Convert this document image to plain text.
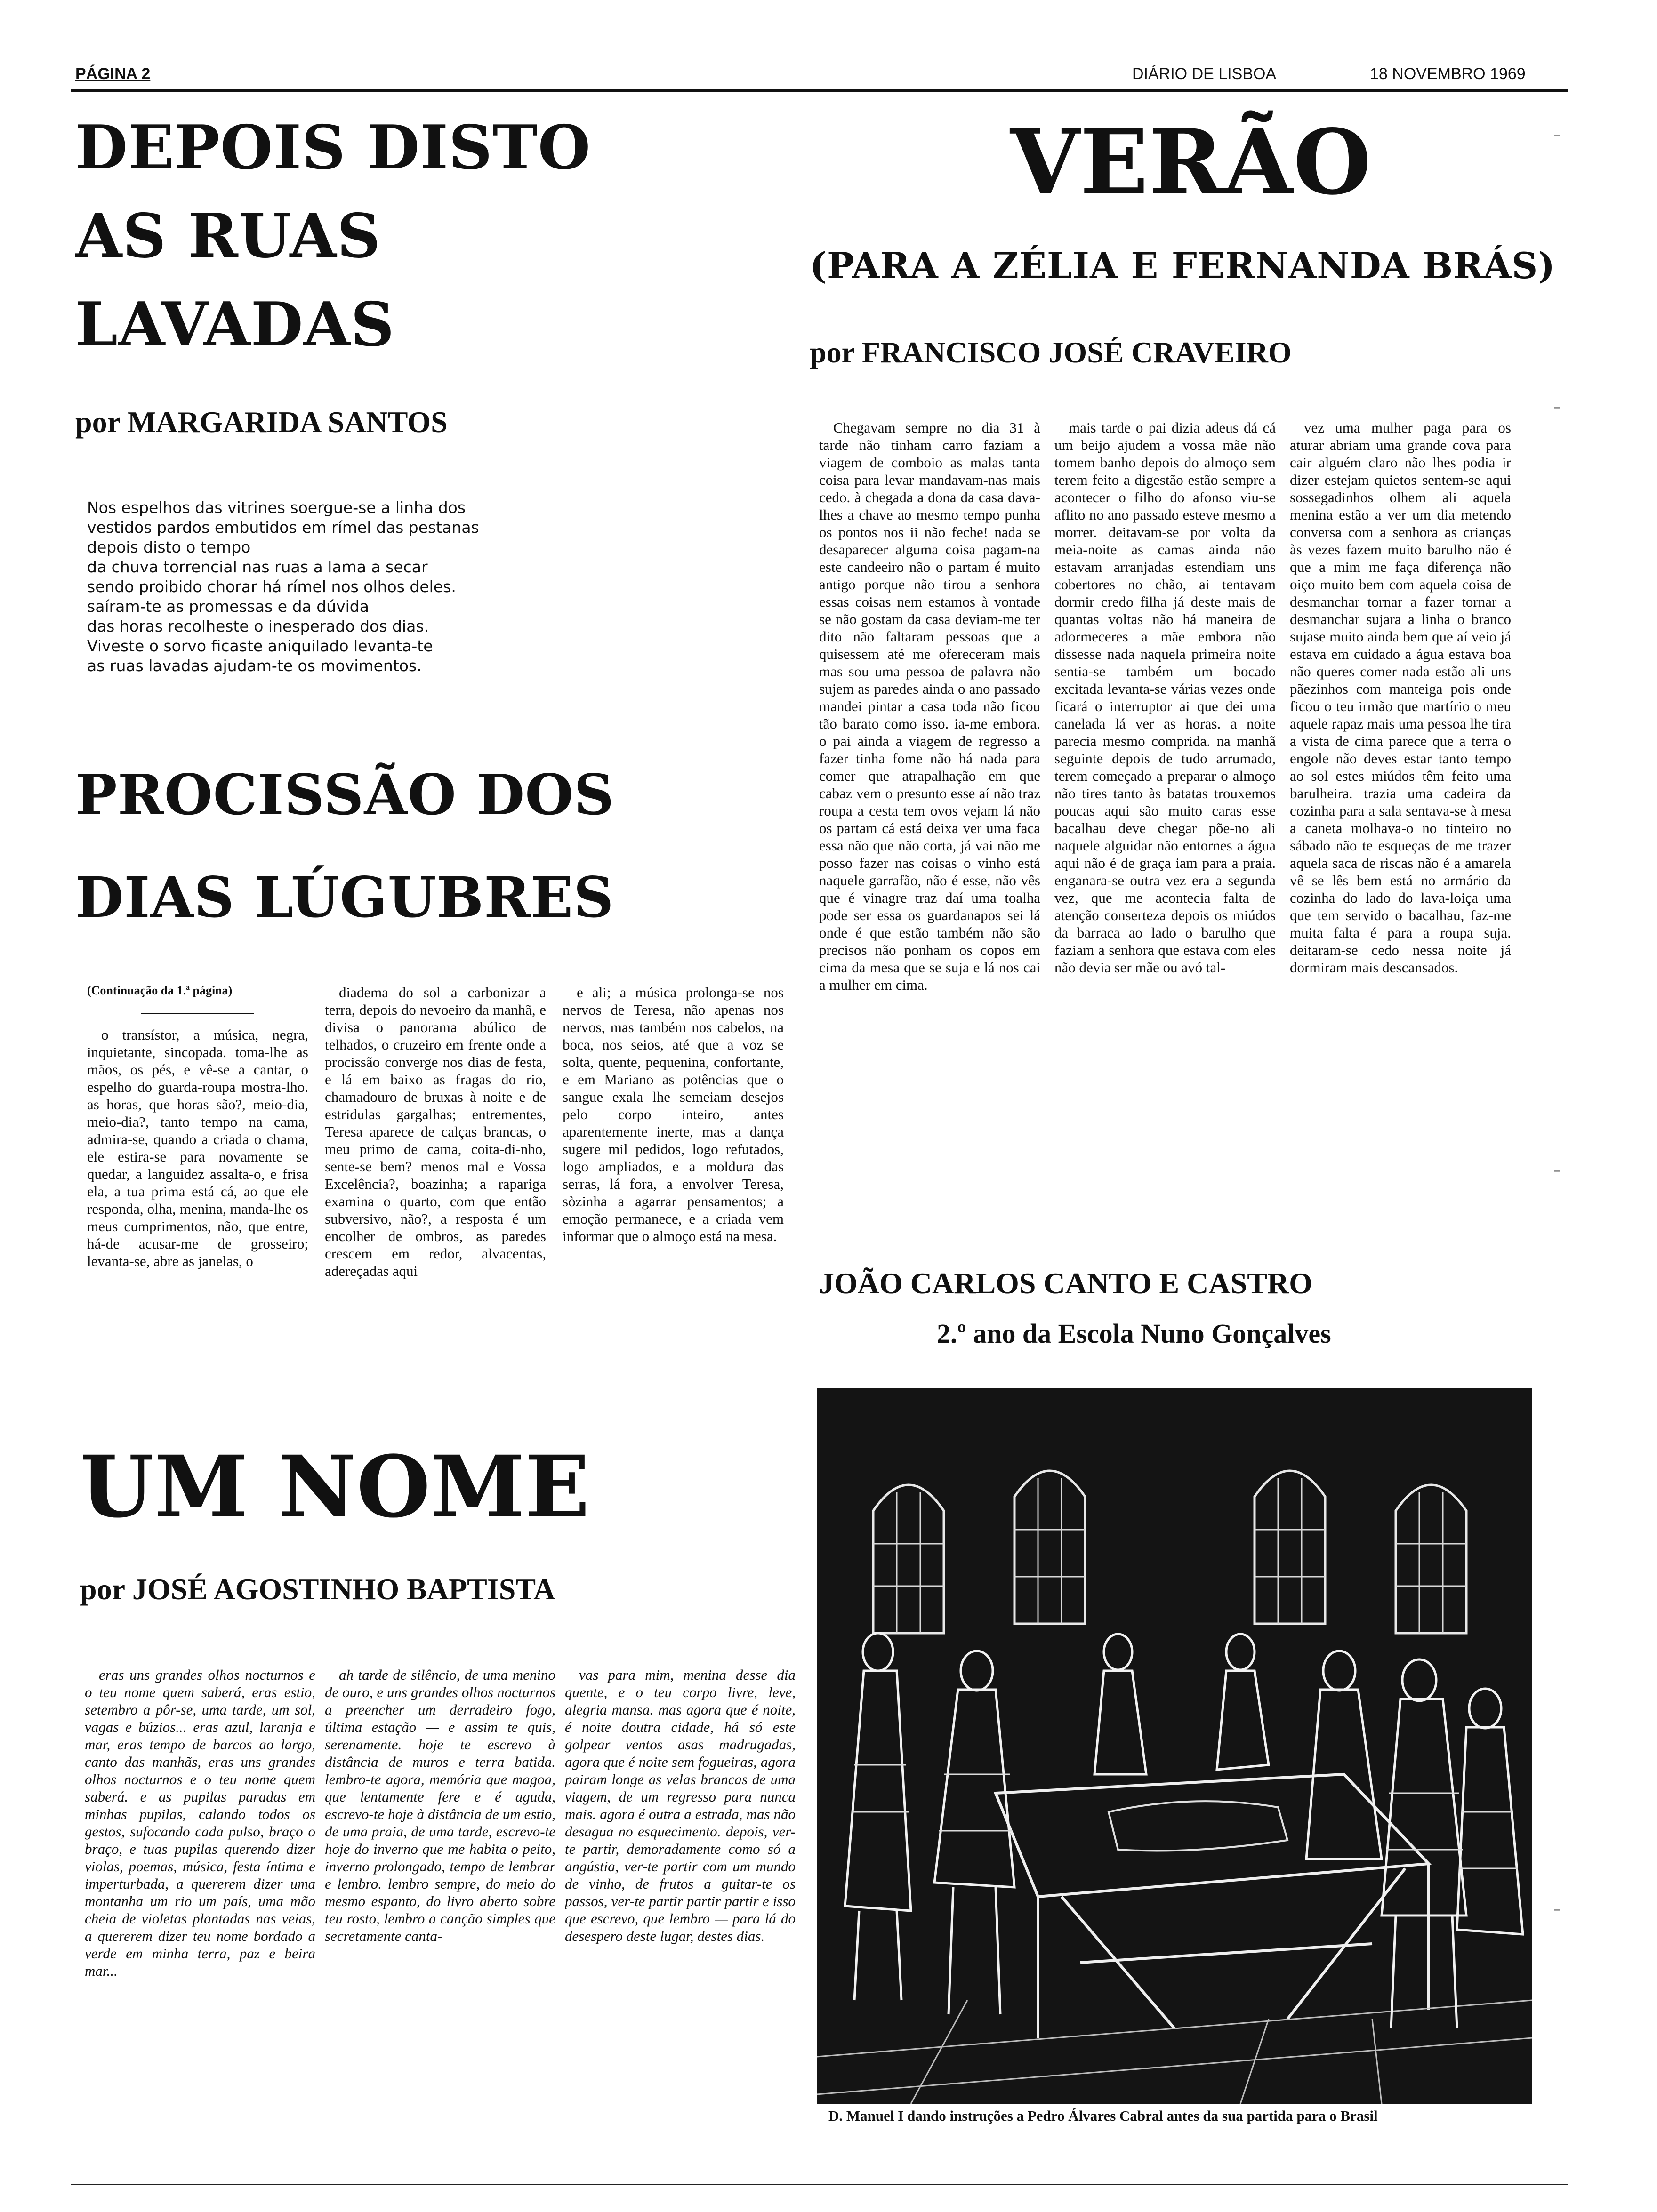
PÁGINA 2	DIÁRIO DE LISBOA	18 NOVEMBRO 1969
DEPOIS DISTO
AS RUAS
LAVADAS
por MARGARIDA SANTOS
Nos espelhos das vitrines soergue-se a linha dos
vestidos pardos embutidos em rímel das pestanas
depois disto o tempo
da chuva torrencial nas ruas a lama a secar
sendo proibido chorar há rímel nos olhos deles.
saíram-te as promessas e da dúvida
das horas recolheste o inesperado dos dias.
Viveste o sorvo ficaste aniquilado levanta-te
as ruas lavadas ajudam-te os movimentos.
PROCISSÃO DOS
DIAS LÚGUBRES
(Continuação da 1.ª página)

o transístor, a música, negra, inquietante, sincopada. toma-lhe as mãos, os pés, e vê-se a cantar, o espelho do guarda-roupa mostra-lho. as horas, que horas são?, meio-dia, meio-dia?, tanto tempo na cama, admira-se, quando a criada o chama, ele estira-se para novamente se quedar, a languidez assalta-o, e frisa ela, a tua prima está cá, ao que ele responda, olha, menina, manda-lhe os meus cumprimentos, não, que entre, há-de acusar-me de grosseiro; levanta-se, abre as janelas, o

diadema do sol a carbonizar a terra, depois do nevoeiro da manhã, e divisa o panorama abúlico de telhados, o cruzeiro em frente onde a procissão converge nos dias de festa, e lá em baixo as fragas do rio, chamadouro de bruxas à noite e de estridulas gargalhas; entrementes, Teresa aparece de calças brancas, o meu primo de cama, coita-di-nho, sente-se bem? menos mal e Vossa Excelência?, boazinha; a rapariga examina o quarto, com que então subversivo, não?, a resposta é um encolher de ombros, as paredes crescem em redor, alvacentas, adereçadas aqui

e ali; a música prolonga-se nos nervos de Teresa, não apenas nos nervos, mas também nos cabelos, na boca, nos seios, até que a voz se solta, quente, pequenina, confortante, e em Mariano as potências que o sangue exala lhe semeiam desejos pelo corpo inteiro, antes aparentemente inerte, mas a dança sugere mil pedidos, logo refutados, logo ampliados, e a moldura das serras, lá fora, a envolver Teresa, sòzinha a agarrar pensamentos; a emoção permanece, e a criada vem informar que o almoço está na mesa.

VERÃO
(PARA A ZÉLIA E FERNANDA BRÁS)
por FRANCISCO JOSÉ CRAVEIRO

Chegavam sempre no dia 31 à tarde não tinham carro faziam a viagem de comboio as malas tanta coisa para levar mandavam-nas mais cedo. à chegada a dona da casa dava-lhes a chave ao mesmo tempo punha os pontos nos ii não feche! nada se desaparecer alguma coisa pagam-na este candeeiro não o partam é muito antigo porque não tirou a senhora essas coisas nem estamos à vontade se não gostam da casa deviam-me ter dito não faltaram pessoas que a quisessem até me ofereceram mais mas sou uma pessoa de palavra não sujem as paredes ainda o ano passado mandei pintar a casa toda não ficou tão barato como isso. ia-me embora. o pai ainda a viagem de regresso a fazer tinha fome não há nada para comer que atrapalhação em que cabaz vem o presunto esse aí não traz roupa a cesta tem ovos vejam lá não os partam cá está deixa ver uma faca essa não que não corta, já vai não me posso fazer nas coisas o vinho está naquele garrafão, não é esse, não vês que é vinagre traz daí uma toalha pode ser essa os guardanapos sei lá onde é que estão também não são precisos não ponham os copos em cima da mesa que se suja e lá nos cai a mulher em cima.

mais tarde o pai dizia adeus dá cá um beijo ajudem a vossa mãe não tomem banho depois do almoço sem terem feito a digestão estão sempre a acontecer o filho do afonso viu-se aflito no ano passado esteve mesmo a morrer. deitavam-se por volta da meia-noite as camas ainda não estavam arranjadas estendiam uns cobertores no chão, ai tentavam dormir credo filha já deste mais de quantas voltas não há maneira de adormeceres a mãe embora não dissesse nada naquela primeira noite sentia-se também um bocado excitada levanta-se várias vezes onde ficará o interruptor ai que dei uma canelada lá ver as horas. a noite parecia mesmo comprida. na manhã seguinte depois de tudo arrumado, terem começado a preparar o almoço não tires tanto às batatas trouxemos poucas aqui são muito caras esse bacalhau deve chegar põe-no ali naquele alguidar não entornes a água aqui não é de graça iam para a praia. enganara-se outra vez era a segunda vez, que me acontecia falta de atenção conserteza depois os miúdos da barraca ao lado o barulho que faziam a senhora que estava com eles não devia ser mãe ou avó tal-

vez uma mulher paga para os aturar abriam uma grande cova para cair alguém claro não lhes podia ir dizer estejam quietos sentem-se aqui sossegadinhos olhem ali aquela menina estão a ver um dia metendo conversa com a senhora as crianças às vezes fazem muito barulho não é que a mim me faça diferença não oiço muito bem com aquela coisa de desmanchar tornar a fazer tornar a desmanchar sujara a linha o branco sujase muito ainda bem que aí veio já estava em cuidado a água estava boa não queres comer nada estão ali uns pãezinhos com manteiga pois onde ficou o teu irmão que martírio o meu aquele rapaz mais uma pessoa lhe tira a vista de cima parece que a terra o engole não deves estar tanto tempo ao sol estes miúdos têm feito uma barulheira. trazia uma cadeira da cozinha para a sala sentava-se à mesa a caneta molhava-o no tinteiro no sábado não te esqueças de me trazer aquela saca de riscas não é a amarela vê se lês bem está no armário da cozinha do lado do lava-loiça uma que tem servido o bacalhau, faz-me muita falta é para a roupa suja. deitaram-se cedo nessa noite já dormiram mais descansados.

JOÃO CARLOS CANTO E CASTRO
2.º ano da Escola Nuno Gonçalves
UM NOME
por JOSÉ AGOSTINHO BAPTISTA

eras uns grandes olhos nocturnos e o teu nome quem saberá, eras estio, setembro a pôr-se, uma tarde, um sol, vagas e búzios... eras azul, laranja e mar, eras tempo de barcos ao largo, canto das manhãs, eras uns grandes olhos nocturnos e o teu nome quem saberá. e as pupilas paradas em minhas pupilas, calando todos os gestos, sufocando cada pulso, braço o braço, e tuas pupilas querendo dizer violas, poemas, música, festa íntima e imperturbada, a quererem dizer uma montanha um rio um país, uma mão cheia de violetas plantadas nas veias, a quererem dizer teu nome bordado a verde em minha terra, paz e beira mar...

ah tarde de silêncio, de uma menino de ouro, e uns grandes olhos nocturnos a preencher um derradeiro fogo, última estação — e assim te quis, serenamente. hoje te escrevo à distância de muros e terra batida. lembro-te agora, memória que magoa, que lentamente fere e é aguda, escrevo-te hoje à distância de um estio, de uma praia, de uma tarde, escrevo-te hoje do inverno que me habita o peito, inverno prolongado, tempo de lembrar e lembro. lembro sempre, do meio do mesmo espanto, do livro aberto sobre teu rosto, lembro a canção simples que secretamente canta-

vas para mim, menina desse dia quente, e o teu corpo livre, leve, alegria mansa. mas agora que é noite, é noite doutra cidade, há só este golpear ventos asas madrugadas, agora que é noite sem fogueiras, agora pairam longe as velas brancas de uma viagem, de um regresso para nunca mais. agora é outra a estrada, mas não desagua no esquecimento. depois, ver-te partir, demoradamente como só a angústia, ver-te partir com um mundo de vinho, de frutos a guitar-te os passos, ver-te partir partir partir e isso que escrevo, que lembro — para lá do desespero deste lugar, destes dias.

D. Manuel I dando instruções a Pedro Álvares Cabral antes da sua partida para o Brasil
–
–
–
–
